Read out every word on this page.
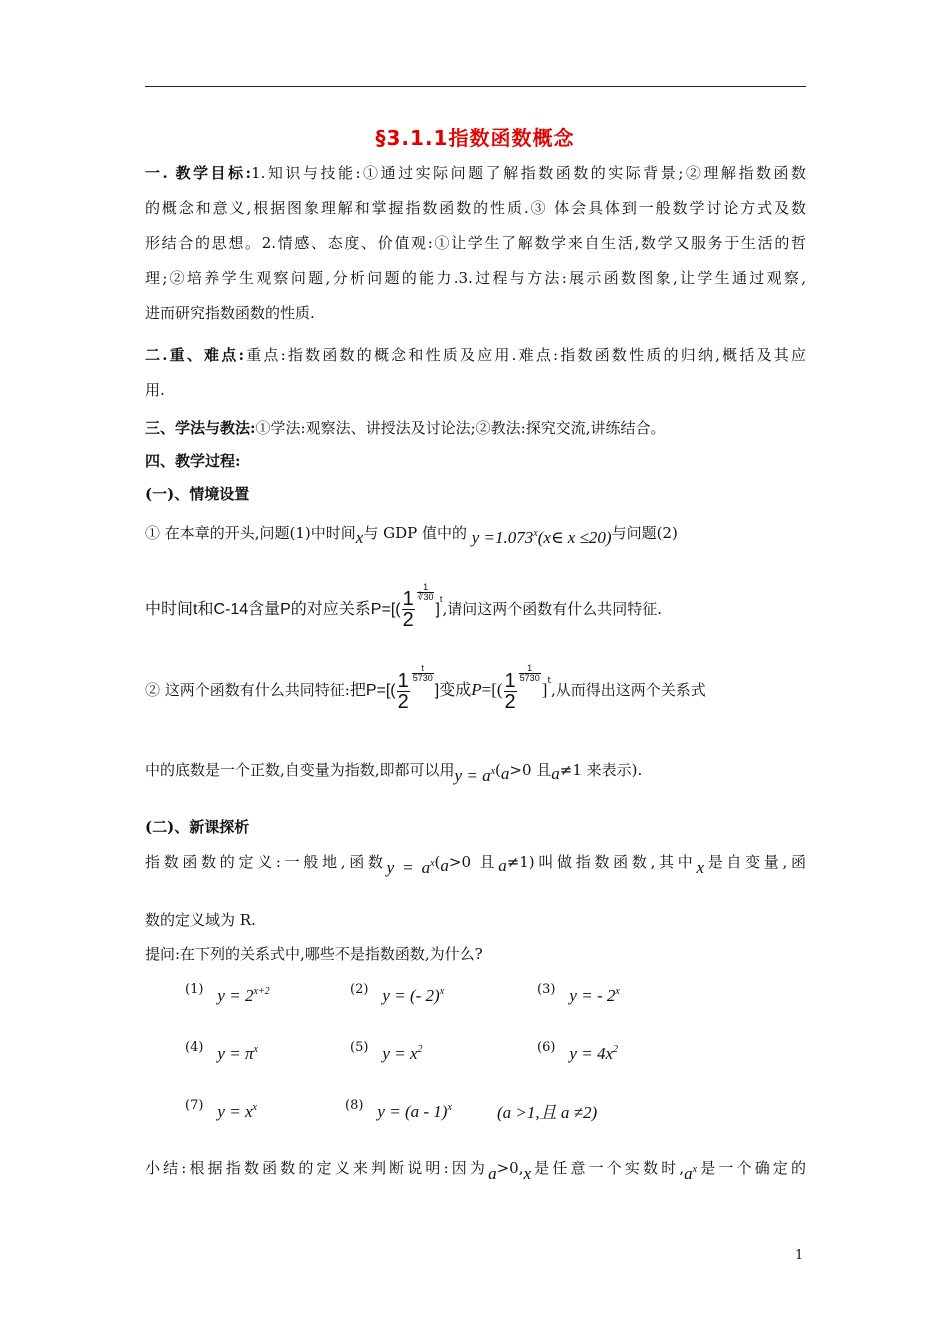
§3.1.1指数函数概念
一. 教学目标:1.知识与技能:①通过实际问题了解指数函数的实际背景;②理解指数函数
的概念和意义,根据图象理解和掌握指数函数的性质.③ 体会具体到一般数学讨论方式及数
形结合的思想。2.情感、态度、价值观:①让学生了解数学来自生活,数学又服务于生活的哲
理;②培养学生观察问题,分析问题的能力.3.过程与方法:展示函数图象,让学生通过观察,
进而研究指数函数的性质.
二.重、难点:重点:指数函数的概念和性质及应用.难点:指数函数性质的归纳,概括及其应
用.
三、学法与教法:①学法:观察法、讲授法及讨论法;②教法:探究交流,讲练结合。
四、教学过程:
(一)、情境设置
① 在本章的开头,问题(1)中时间x与 GDP 值中的 $y =1.073^x(x\in$ x ≤20)与问题(2)
中时间t和C-14含量P的对应关系$P=[( \frac{1}{2} \frac{1}{∛30}$
]$^t$,请问这两个函数有什么共同特征.
② 这两个函数有什么共同特征:把$P=[( \frac{1}{2} \frac{t}{5730}$
]变成$P=[( \frac{1}{2} \frac{1}{5730}$
]$^t$,从而得出这两个关系式
中的底数是一个正数,自变量为指数,即都可以用$y = a^x(a>0$ 且a≠1 来表示).
(二)、新课探析
指数函数的定义:一般地,函数$y = a^x(a>0$ 且a≠1)叫做指数函数,其中x是自变量,函
数的定义域为 R.
提问:在下列的关系式中,哪些不是指数函数,为什么?
(1) $y = 2^{x+2}$	(2) y = (- 2)$^x$	(3) y = - 2$^x$
(4) $y = \pi^x$	(5) $y = x^2$	(6) $y = 4x^2$
(7) $y = x^x$	(8) y = (a - 1)$^x$	(a >1,且 a ≠2)
小结:根据指数函数的定义来判断说明:因为a>0,x是任意一个实数时$,a^x$是一个确定的
1
